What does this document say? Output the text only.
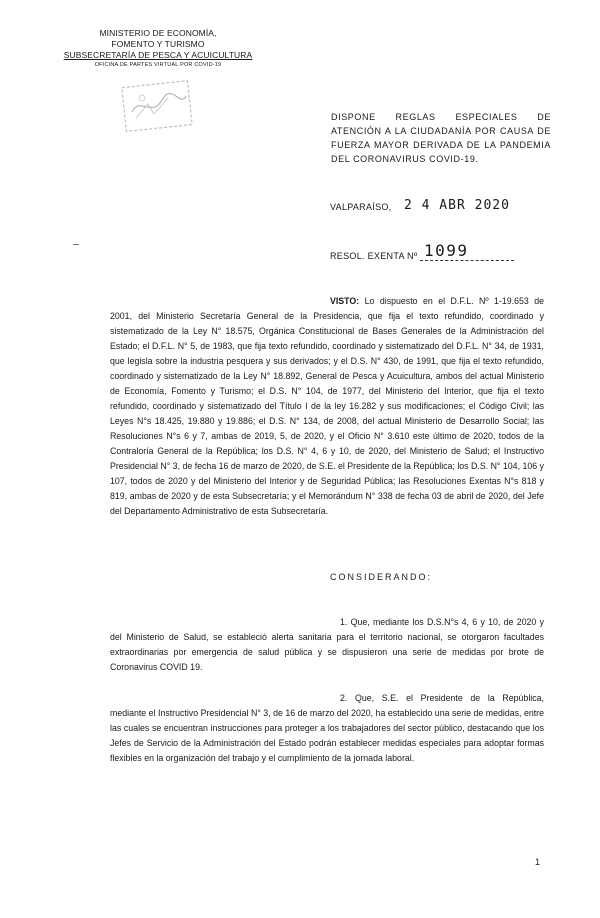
MINISTERIO DE ECONOMÍA,
FOMENTO Y TURISMO
SUBSECRETARÍA DE PESCA Y ACUICULTURA
OFICINA DE PARTES VIRTUAL POR COVID-19
DISPONE REGLAS ESPECIALES DE ATENCIÓN A LA CIUDADANÍA POR CAUSA DE FUERZA MAYOR DERIVADA DE LA PANDEMIA DEL CORONAVIRUS COVID-19.
VALPARAÍSO, 2 4 ABR 2020
RESOL. EXENTA Nº 1099
VISTO: Lo dispuesto en el D.F.L. Nº 1-19.653 de 2001, del Ministerio Secretaría General de la Presidencia, que fija el texto refundido, coordinado y sistematizado de la Ley N° 18.575, Orgánica Constitucional de Bases Generales de la Administración del Estado; el D.F.L. N° 5, de 1983, que fija texto refundido, coordinado y sistematizado del D.F.L. N° 34, de 1931, que legisla sobre la industria pesquera y sus derivados; y el D.S. N° 430, de 1991, que fija el texto refundido, coordinado y sistematizado de la Ley N° 18.892, General de Pesca y Acuicultura, ambos del actual Ministerio de Economía, Fomento y Turismo; el D.S. N° 104, de 1977, del Ministerio del Interior, que fija el texto refundido, coordinado y sistematizado del Título I de la ley 16.282 y sus modificaciones; el Código Civil; las Leyes N°s 18.425, 19.880 y 19.886; el D.S. N° 134, de 2008, del actual Ministerio de Desarrollo Social; las Resoluciones N°s 6 y 7, ambas de 2019, 5, de 2020, y el Oficio N° 3.610 este último de 2020, todos de la Contraloría General de la República; los D.S. N° 4, 6 y 10, de 2020, del Ministerio de Salud; el Instructivo Presidencial N° 3, de fecha 16 de marzo de 2020, de S.E. el Presidente de la República; los D.S. N° 104, 106 y 107, todos de 2020 y del Ministerio del Interior y de Seguridad Pública; las Resoluciones Exentas N°s 818 y 819, ambas de 2020 y de esta Subsecretaría; y el Memorándum N° 338 de fecha 03 de abril de 2020, del Jefe del Departamento Administrativo de esta Subsecretaría.
CONSIDERANDO:
1. Que, mediante los D.S.N°s 4, 6 y 10, de 2020 y del Ministerio de Salud, se estableció alerta sanitaria para el territorio nacional, se otorgaron facultades extraordinarias por emergencia de salud pública y se dispusieron una serie de medidas por brote de Coronavirus COVID 19.
2. Que, S.E. el Presidente de la República, mediante el Instructivo Presidencial N° 3, de 16 de marzo del 2020, ha establecido una serie de medidas, entre las cuales se encuentran instrucciones para proteger a los trabajadores del sector público, destacando que los Jefes de Servicio de la Administración del Estado podrán establecer medidas especiales para adoptar formas flexibles en la organización del trabajo y el cumplimiento de la jornada laboral.
1
